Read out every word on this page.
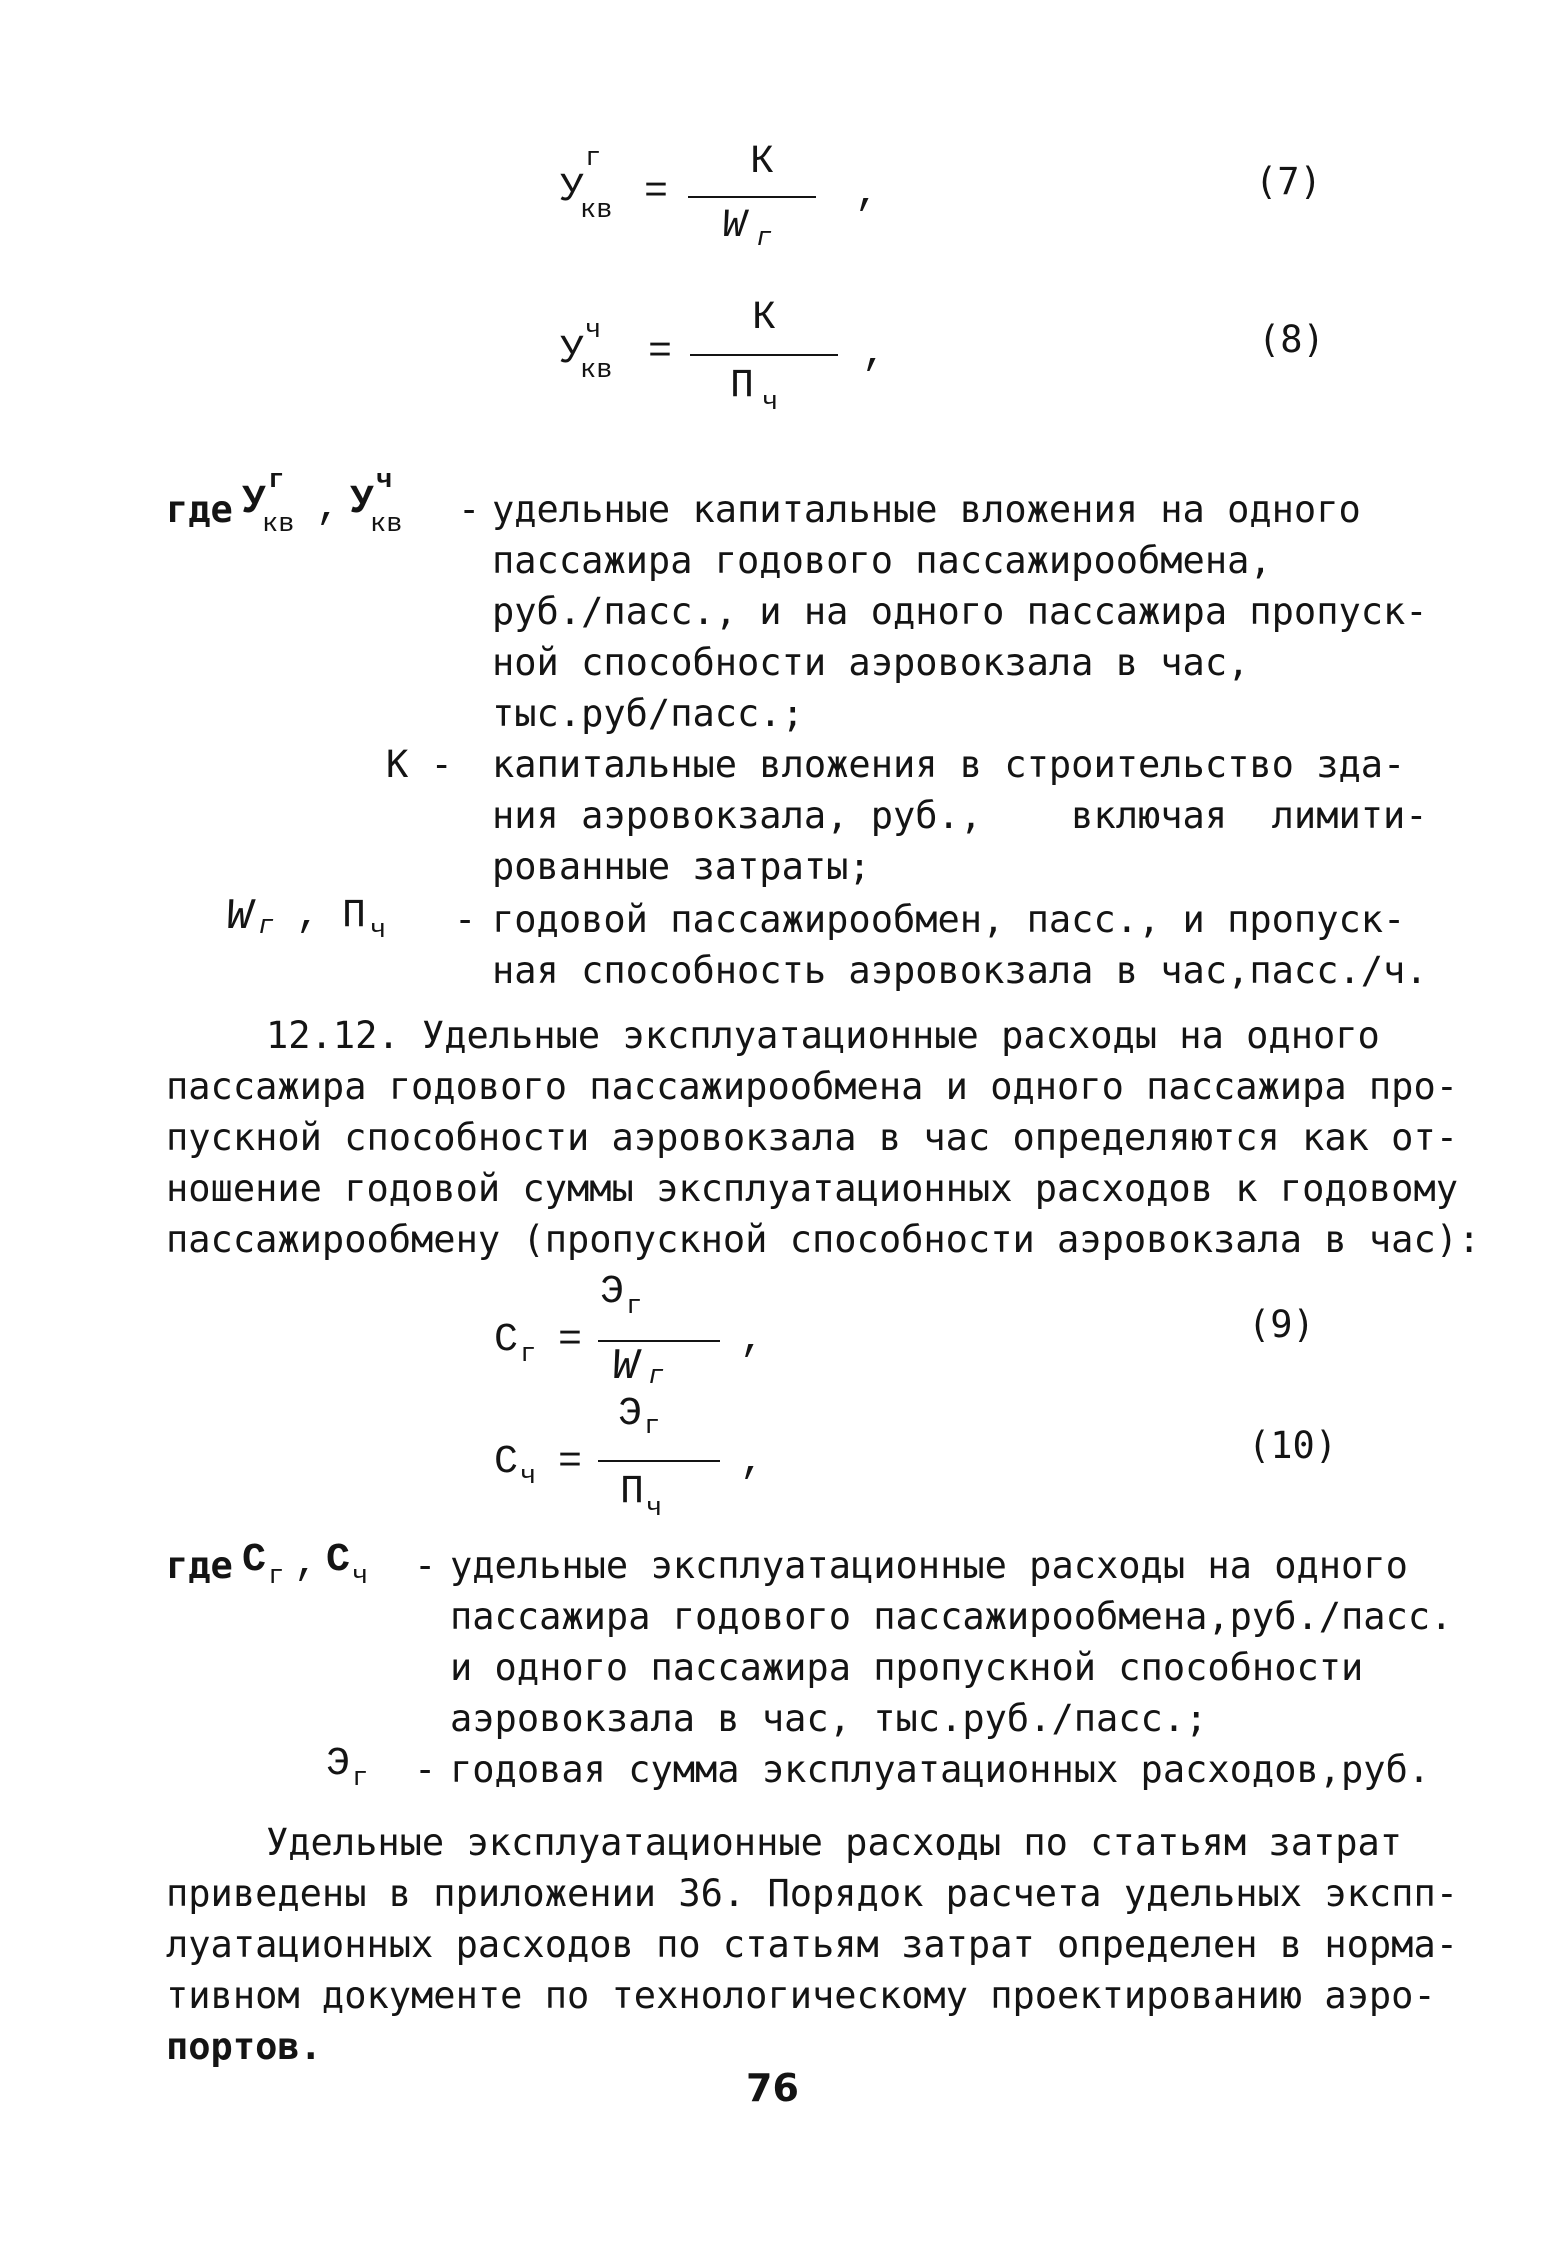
У
г
кв =
К
W г
,	(7)
У ч
кв =
К
П ч
,	(8)
где У г
кв , У ч
кв - удельные капитальные вложения на одного
пассажира годового пассажирообмена,
руб./пасс., и на одного пассажира пропуск-
ной способности аэровокзала в час,
тыс.руб/пасс.;
К - капитальные вложения в строительство зда-
ния аэровокзала, руб.,    включая  лимити-
рованные затраты;
W г , П ч - годовой пассажирообмен, пасс., и пропуск-
ная способность аэровокзала в час,пасс./ч.
12.12. Удельные эксплуатационные расходы на одного
пассажира годового пассажирообмена и одного пассажира про-
пускной способности аэровокзала в час определяются как от-
ношение годовой суммы эксплуатационных расходов к годовому
пассажирообмену (пропускной способности аэровокзала в час):
С г =
Э г
W г
,	(9)
С ч =
Э г
П ч
,	(10)
где С г , С ч - удельные эксплуатационные расходы на одного
пассажира годового пассажирообмена,руб./пасс.
и одного пассажира пропускной способности
аэровокзала в час, тыс.руб./пасс.;
Э г - годовая сумма эксплуатационных расходов,руб.
Удельные эксплуатационные расходы по статьям затрат
приведены в приложении 36. Порядок расчета удельных экспп-
луатационных расходов по статьям затрат определен в норма-
тивном документе по технологическому проектированию аэро-
портов.
76
